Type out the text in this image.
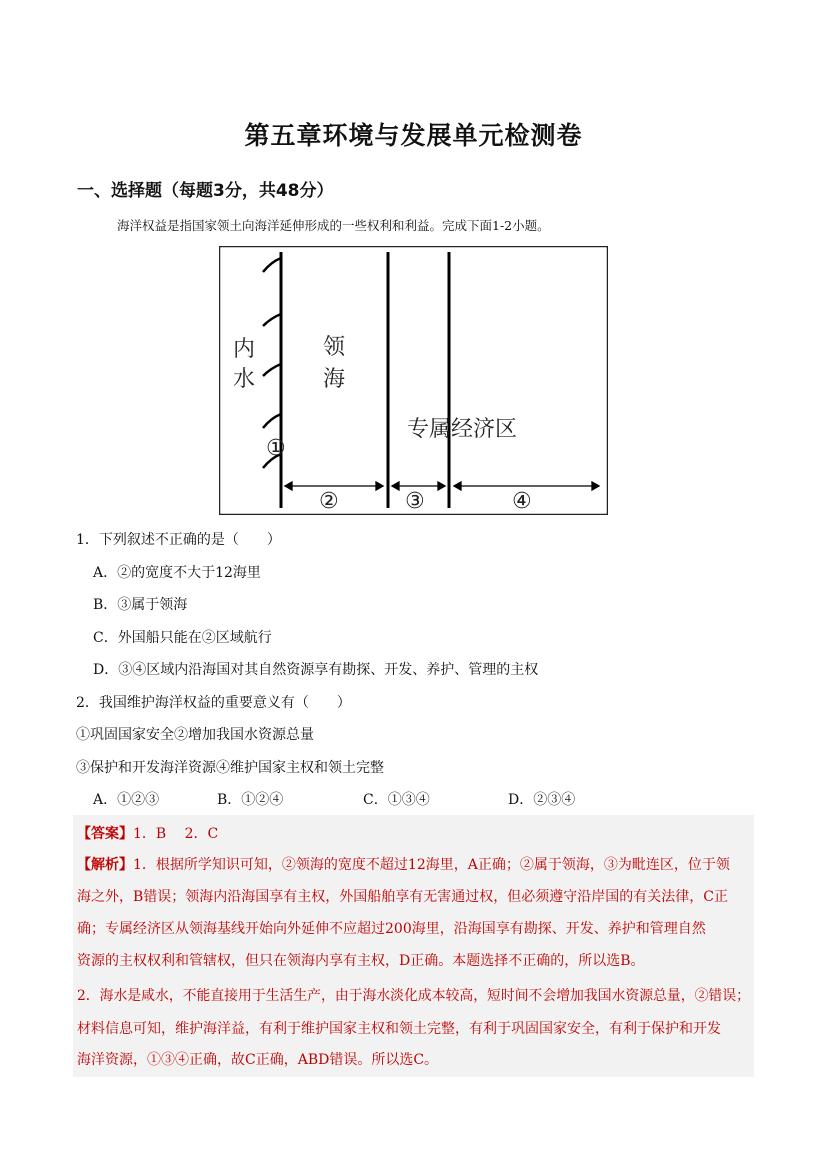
第五章环境与发展单元检测卷
一、选择题（每题3分，共48分）
海洋权益是指国家领土向海洋延伸形成的一些权利和利益。完成下面1-2小题。
内
水
领
海
专属经济区
①
②	③	④
1．下列叙述不正确的是（　　）
A．②的宽度不大于12海里
B．③属于领海
C．外国船只能在②区域航行
D．③④区域内沿海国对其自然资源享有勘探、开发、养护、管理的主权
2．我国维护海洋权益的重要意义有（　　）
①巩固国家安全②增加我国水资源总量
③保护和开发海洋资源④维护国家主权和领土完整
A．①②③	B．①②④	C．①③④	D．②③④
【答案】1．B　 2．C
【解析】1．根据所学知识可知，②领海的宽度不超过12海里，A正确；②属于领海，③为毗连区，位于领
海之外，B错误；领海内沿海国享有主权，外国船舶享有无害通过权，但必须遵守沿岸国的有关法律，C正
确；专属经济区从领海基线开始向外延伸不应超过200海里，沿海国享有勘探、开发、养护和管理自然
资源的主权权利和管辖权，但只在领海内享有主权，D正确。本题选择不正确的，所以选B。
2．海水是咸水，不能直接用于生活生产，由于海水淡化成本较高，短时间不会增加我国水资源总量，②错误；
材料信息可知，维护海洋益，有利于维护国家主权和领土完整，有利于巩固国家安全，有利于保护和开发
海洋资源，①③④正确，故C正确，ABD错误。所以选C。
